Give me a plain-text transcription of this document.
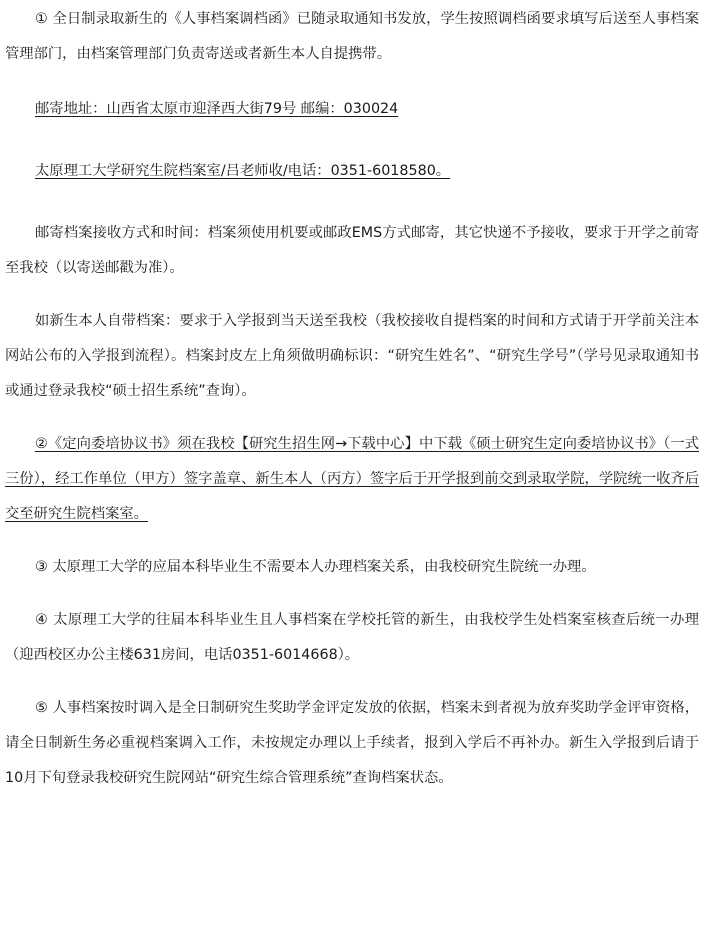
① 全日制录取新生的《人事档案调档函》已随录取通知书发放，学生按照调档函要求填写后送至人事档案管理部门，由档案管理部门负责寄送或者新生本人自提携带。

邮寄地址：山西省太原市迎泽西大街79号 邮编：030024

太原理工大学研究生院档案室/吕老师收/电话：0351-6018580。

邮寄档案接收方式和时间：档案须使用机要或邮政EMS方式邮寄，其它快递不予接收，要求于开学之前寄至我校（以寄送邮戳为准）。

如新生本人自带档案：要求于入学报到当天送至我校（我校接收自提档案的时间和方式请于开学前关注本网站公布的入学报到流程）。档案封皮左上角须做明确标识：“研究生姓名”、“研究生学号”（学号见录取通知书或通过登录我校“硕士招生系统”查询）。

②《定向委培协议书》须在我校【研究生招生网→下载中心】中下载《硕士研究生定向委培协议书》（一式三份），经工作单位（甲方）签字盖章、新生本人（丙方）签字后于开学报到前交到录取学院，学院统一收齐后交至研究生院档案室。

③ 太原理工大学的应届本科毕业生不需要本人办理档案关系，由我校研究生院统一办理。

④ 太原理工大学的往届本科毕业生且人事档案在学校托管的新生，由我校学生处档案室核查后统一办理（迎西校区办公主楼631房间，电话0351-6014668）。

⑤ 人事档案按时调入是全日制研究生奖助学金评定发放的依据，档案未到者视为放弃奖助学金评审资格，请全日制新生务必重视档案调入工作，未按规定办理以上手续者，报到入学后不再补办。新生入学报到后请于10月下旬登录我校研究生院网站“研究生综合管理系统”查询档案状态。
